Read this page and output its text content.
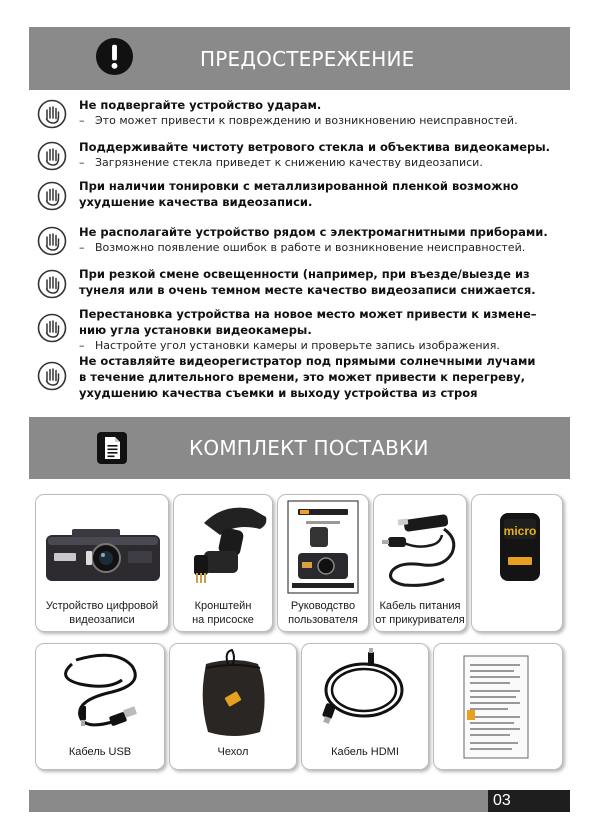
ПРЕДОСТЕРЕЖЕНИЕ
Не подвергайте устройство ударам.
– Это может привести к повреждению и возникновению неисправностей.
Поддерживайте чистоту ветрового стекла и объектива видеокамеры.
– Загрязнение стекла приведет к снижению качеству видеозаписи.
При наличии тонировки с металлизированной пленкой возможно
ухудшение качества видеозаписи.
Не располагайте устройство рядом с электромагнитными приборами.
– Возможно появление ошибок в работе и возникновение неисправностей.
При резкой смене освещенности (например, при въезде/выезде из
тунеля или в очень темном месте качество видеозаписи снижается.
Перестановка устройства на новое место может привести к измене–
нию угла установки видеокамеры.
– Настройте угол установки камеры и проверьте запись изображения.
Не оставляйте видеорегистратор под прямыми солнечными лучами
в течение длительного времени, это может привести к перегреву,
ухудшению качества съемки и выходу устройства из строя
КОМПЛЕКТ ПОСТАВКИ
Устройство цифровой
видеозаписи
Кронштейн
на присоске
Руководство
пользователя
Кабель питания
от прикуривателя
micro
Кабель USB	Чехол	Кабель HDMI
03
